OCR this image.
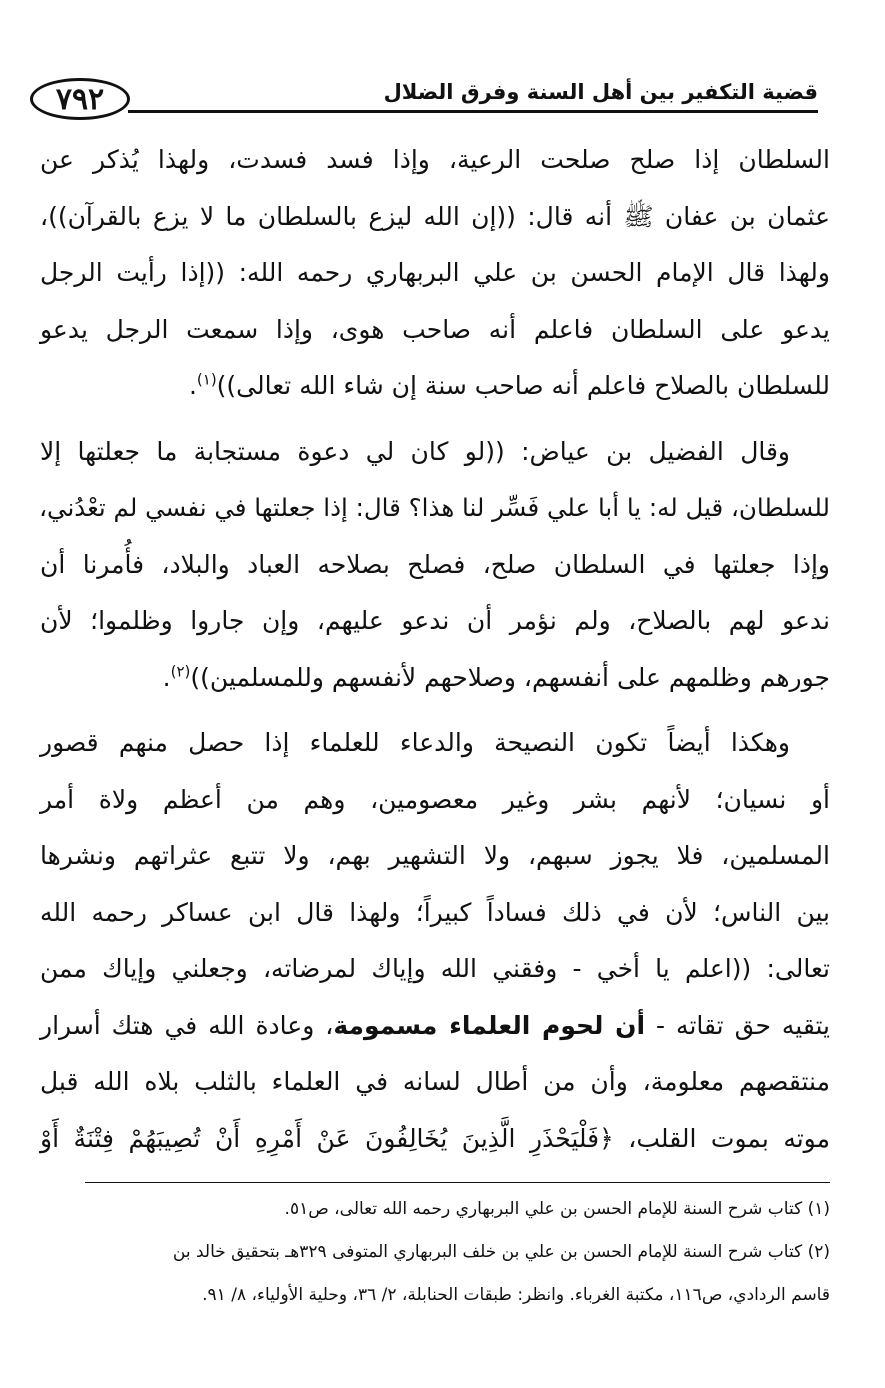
٧٩٢	قضية التكفير بين أهل السنة وفرق الضلال
السلطان إذا صلح صلحت الرعية، وإذا فسد فسدت، ولهذا يُذكر عن
عثمان بن عفان ﷺ أنه قال: ((إن الله ليزع بالسلطان ما لا يزع بالقرآن))،
ولهذا قال الإمام الحسن بن علي البربهاري رحمه الله: ((إذا رأيت الرجل
يدعو على السلطان فاعلم أنه صاحب هوى، وإذا سمعت الرجل يدعو
للسلطان بالصلاح فاعلم أنه صاحب سنة إن شاء الله تعالى))$^{(١)}$.
وقال الفضيل بن عياض: ((لو كان لي دعوة مستجابة ما جعلتها إلا
للسلطان، قيل له: يا أبا علي فَسِّر لنا هذا؟ قال: إذا جعلتها في نفسي لم تعْدُني،
وإذا جعلتها في السلطان صلح، فصلح بصلاحه العباد والبلاد، فأُمرنا أن
ندعو لهم بالصلاح، ولم نؤمر أن ندعو عليهم، وإن جاروا وظلموا؛ لأن
جورهم وظلمهم على أنفسهم، وصلاحهم لأنفسهم وللمسلمين))$^{(٢)}$.
وهكذا أيضاً تكون النصيحة والدعاء للعلماء إذا حصل منهم قصور
أو نسيان؛ لأنهم بشر وغير معصومين، وهم من أعظم ولاة أمر
المسلمين، فلا يجوز سبهم، ولا التشهير بهم، ولا تتبع عثراتهم ونشرها
بين الناس؛ لأن في ذلك فساداً كبيراً؛ ولهذا قال ابن عساكر رحمه الله
تعالى: ((اعلم يا أخي - وفقني الله وإياك لمرضاته، وجعلني وإياك ممن
يتقيه حق تقاته - أن لحوم العلماء مسمومة، وعادة الله في هتك أسرار
منتقصهم معلومة، وأن من أطال لسانه في العلماء بالثلب بلاه الله قبل
موته بموت القلب، ﴿فَلْيَحْذَرِ الَّذِينَ يُخَالِفُونَ عَنْ أَمْرِهِ أَنْ تُصِيبَهُمْ فِتْنَةٌ أَوْ
(١) كتاب شرح السنة للإمام الحسن بن علي البربهاري رحمه الله تعالى، ص٥١.
(٢) كتاب شرح السنة للإمام الحسن بن علي بن خلف البربهاري المتوفى ٣٢٩هـ بتحقيق خالد بن
قاسم الردادي، ص١١٦، مكتبة الغرباء. وانظر: طبقات الحنابلة، ٢/ ٣٦، وحلية الأولياء، ٨/ ٩١.
